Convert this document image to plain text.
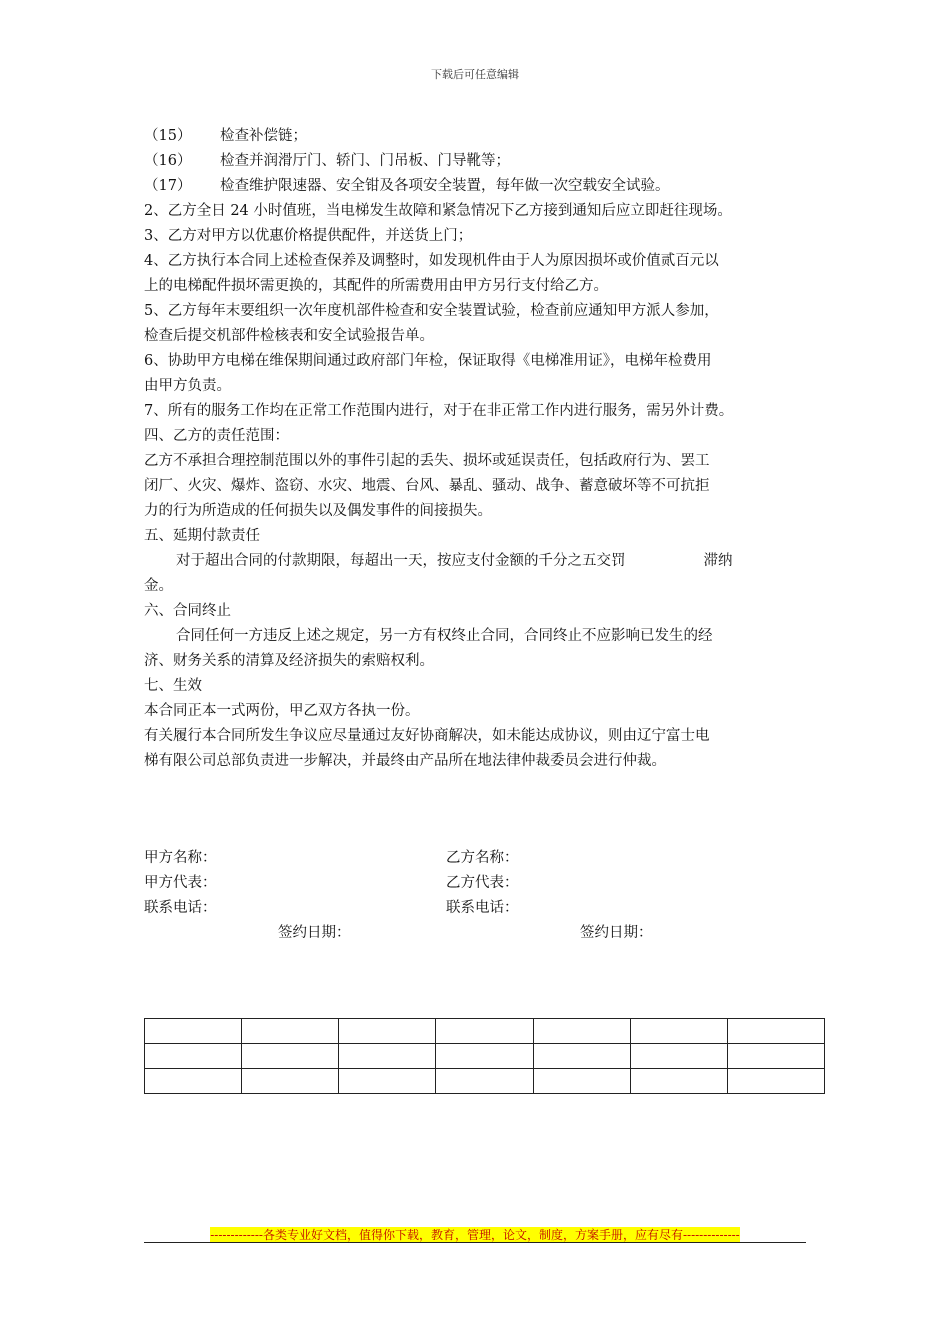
下载后可任意编辑
（15）	检查补偿链；
（16）	检查并润滑厅门、轿门、门吊板、门导靴等；
（17）	检查维护限速器、安全钳及各项安全装置，每年做一次空载安全试验。
2、乙方全日 24 小时值班，当电梯发生故障和紧急情况下乙方接到通知后应立即赶往现场。
3、乙方对甲方以优惠价格提供配件，并送货上门；
4、乙方执行本合同上述检查保养及调整时，如发现机件由于人为原因损坏或价值贰百元以
上的电梯配件损坏需更换的，其配件的所需费用由甲方另行支付给乙方。
5、乙方每年末要组织一次年度机部件检查和安全装置试验，检查前应通知甲方派人参加，
检查后提交机部件检核表和安全试验报告单。
6、协助甲方电梯在维保期间通过政府部门年检，保证取得《电梯准用证》，电梯年检费用
由甲方负责。
7、所有的服务工作均在正常工作范围内进行，对于在非正常工作内进行服务，需另外计费。
四、乙方的责任范围：
乙方不承担合理控制范围以外的事件引起的丢失、损坏或延误责任，包括政府行为、罢工
闭厂、火灾、爆炸、盗窃、水灾、地震、台风、暴乱、骚动、战争、蓄意破坏等不可抗拒
力的行为所造成的任何损失以及偶发事件的间接损失。
五、延期付款责任
对于超出合同的付款期限，每超出一天，按应支付金额的千分之五交罚	滞纳
金。
六、合同终止
合同任何一方违反上述之规定，另一方有权终止合同，合同终止不应影响已发生的经
济、财务关系的清算及经济损失的索赔权利。
七、生效
本合同正本一式两份，甲乙双方各执一份。
有关履行本合同所发生争议应尽量通过友好协商解决，如未能达成协议，则由辽宁富士电
梯有限公司总部负责进一步解决，并最终由产品所在地法律仲裁委员会进行仲裁。
甲方名称：	乙方名称：
甲方代表：	乙方代表：
联系电话：	联系电话：
签约日期：	签约日期：

-------------各类专业好文档，值得你下载，教育，管理，论文，制度，方案手册，应有尽有--------------
